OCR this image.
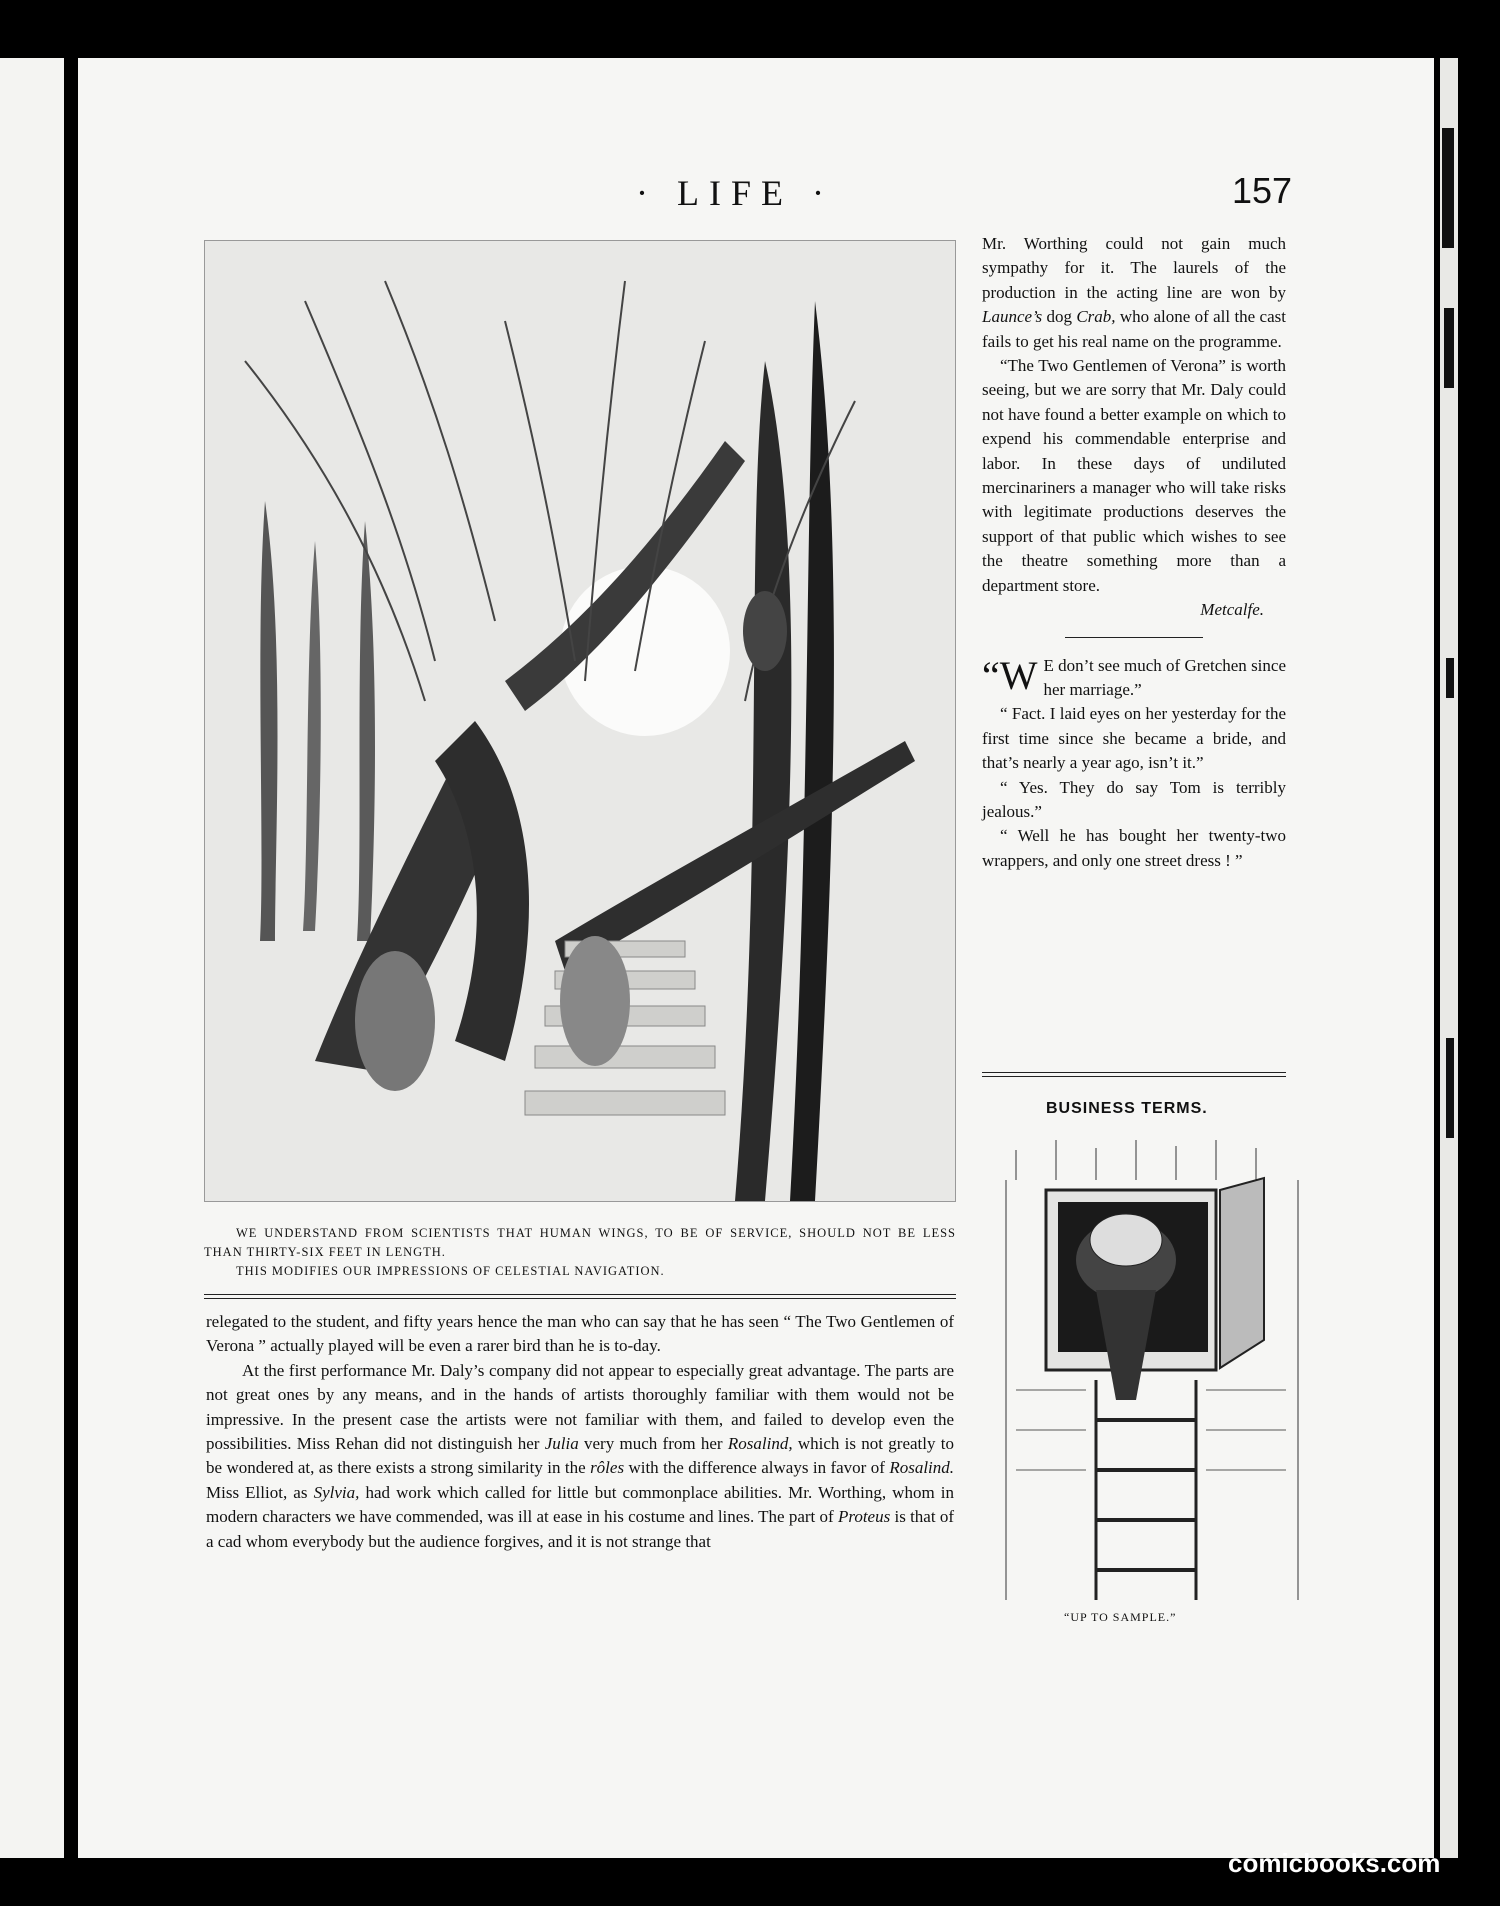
· LIFE ·	157
WE UNDERSTAND FROM SCIENTISTS THAT HUMAN WINGS, TO BE OF SERVICE, SHOULD NOT BE LESS THAN THIRTY-SIX FEET IN LENGTH.
THIS MODIFIES OUR IMPRESSIONS OF CELESTIAL NAVIGATION.

relegated to the student, and fifty years hence the man who can say that he has seen “ The Two Gentlemen of Verona ” actually played will be even a rarer bird than he is to-day.

At the first performance Mr. Daly’s company did not appear to especially great advantage. The parts are not great ones by any means, and in the hands of artists thoroughly familiar with them would not be impressive. In the present case the artists were not familiar with them, and failed to develop even the possibilities. Miss Rehan did not distinguish her Julia very much from her Rosalind, which is not greatly to be wondered at, as there exists a strong similarity in the rôles with the difference always in favor of Rosalind. Miss Elliot, as Sylvia, had work which called for little but commonplace abilities. Mr. Worthing, whom in modern characters we have commended, was ill at ease in his costume and lines. The part of Proteus is that of a cad whom everybody but the audience forgives, and it is not strange that

Mr. Worthing could not gain much sympathy for it. The laurels of the production in the acting line are won by Launce’s dog Crab, who alone of all the cast fails to get his real name on the programme.

“The Two Gentlemen of Verona” is worth seeing, but we are sorry that Mr. Daly could not have found a better example on which to expend his commendable enterprise and labor. In these days of undiluted mercinariners a manager who will take risks with legitimate productions deserves the support of that public which wishes to see the theatre something more than a department store.

Metcalfe.

“W E don’t see much of Gretchen since her marriage.”

“ Fact. I laid eyes on her yesterday for the first time since she became a bride, and that’s nearly a year ago, isn’t it.”

“ Yes. They do say Tom is terribly jealous.”

“ Well he has bought her twenty-two wrappers, and only one street dress ! ”

BUSINESS TERMS.
“UP TO SAMPLE.”
comicbooks.com
